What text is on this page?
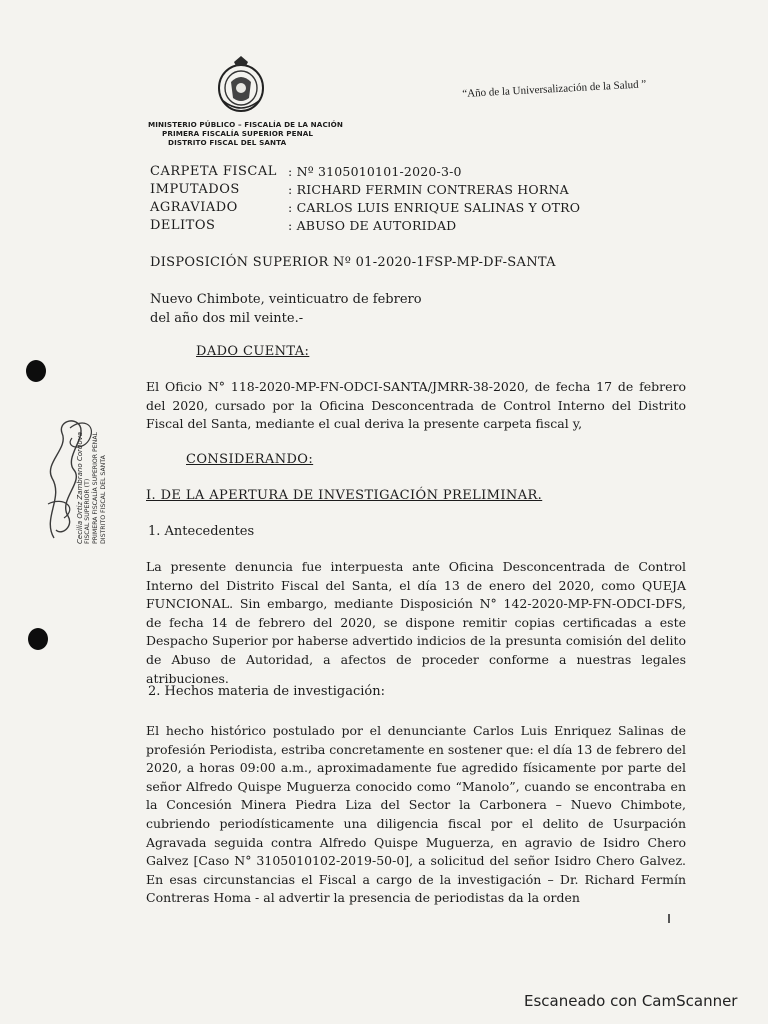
MINISTERIO PÚBLICO – FISCALÍA DE LA NACIÓN
PRIMERA FISCALÍA SUPERIOR PENAL
DISTRITO FISCAL DEL SANTA
“Año de la Universalización de la Salud ”
CARPETA FISCAL : Nº 3105010101-2020-3-0
IMPUTADOS	: RICHARD FERMIN CONTRERAS HORNA
AGRAVIADO	: CARLOS LUIS ENRIQUE SALINAS Y OTRO
DELITOS	: ABUSO DE AUTORIDAD
DISPOSICIÓN SUPERIOR Nº 01-2020-1FSP-MP-DF-SANTA
Nuevo Chimbote, veinticuatro de febrero
del año dos mil veinte.-
DADO CUENTA:

El Oficio N° 118-2020-MP-FN-ODCI-SANTA/JMRR-38-2020, de fecha 17 de febrero del 2020, cursado por la Oficina Desconcentrada de Control Interno del Distrito Fiscal del Santa, mediante el cual deriva la presente carpeta fiscal y,

CONSIDERANDO:
I. DE LA APERTURA DE INVESTIGACIÓN PRELIMINAR.
1. Antecedentes

La presente denuncia fue interpuesta ante Oficina Desconcentrada de Control Interno del Distrito Fiscal del Santa, el día 13 de enero del 2020, como QUEJA FUNCIONAL. Sin embargo, mediante Disposición N° 142-2020-MP-FN-ODCI-DFS, de fecha 14 de febrero del 2020, se dispone remitir copias certificadas a este Despacho Superior por haberse advertido indicios de la presunta comisión del delito de Abuso de Autoridad, a afectos de proceder conforme a nuestras legales atribuciones.

2. Hechos materia de investigación:

El hecho histórico postulado por el denunciante Carlos Luis Enriquez Salinas de profesión Periodista, estriba concretamente en sostener que: el día 13 de febrero del 2020, a horas 09:00 a.m., aproximadamente fue agredido físicamente por parte del señor Alfredo Quispe Muguerza conocido como “Manolo”, cuando se encontraba en la Concesión Minera Piedra Liza del Sector la Carbonera – Nuevo Chimbote, cubriendo periodísticamente una diligencia fiscal por el delito de Usurpación Agravada seguida contra Alfredo Quispe Muguerza, en agravio de Isidro Chero Galvez [Caso N° 3105010102-2019-50-0], a solicitud del señor Isidro Chero Galvez. En esas circunstancias el Fiscal a cargo de la investigación – Dr. Richard Fermín Contreras Homa - al advertir la presencia de periodistas da la orden

Cecilia Ortiz Zambrano Cordova FISCAL SUPERIOR (T) PRIMERA FISCALÍA SUPERIOR PENAL DISTRITO FISCAL DEL SANTA
Escaneado con CamScanner
